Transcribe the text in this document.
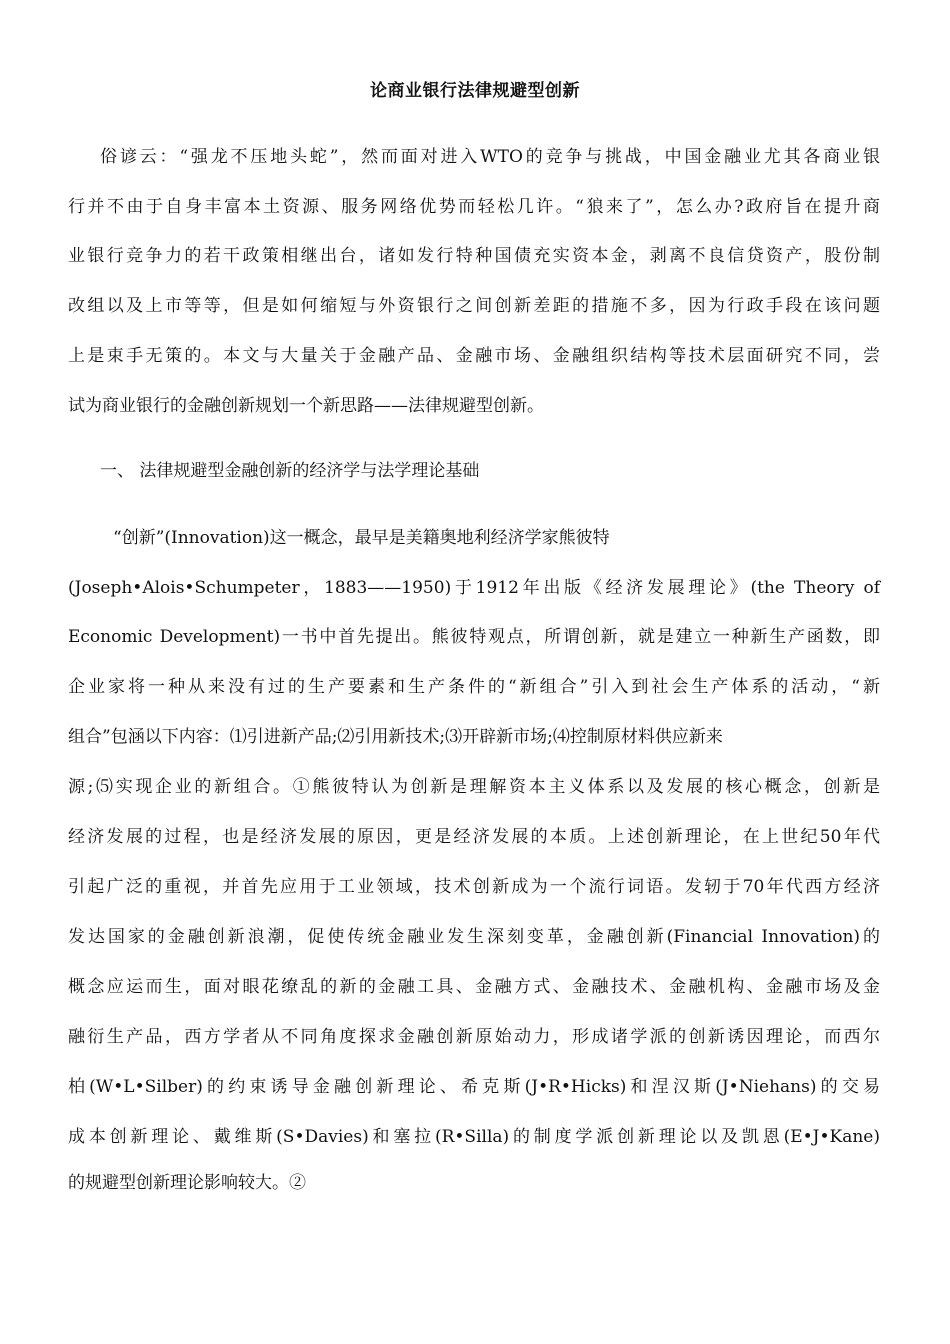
论商业银行法律规避型创新
俗谚云：“强龙不压地头蛇”，然而面对进入WTO的竞争与挑战，中国金融业尤其各商业银
行并不由于自身丰富本土资源、服务网络优势而轻松几许。“狼来了”，怎么办?政府旨在提升商
业银行竞争力的若干政策相继出台，诸如发行特种国债充实资本金，剥离不良信贷资产，股份制
改组以及上市等等，但是如何缩短与外资银行之间创新差距的措施不多，因为行政手段在该问题
上是束手无策的。本文与大量关于金融产品、金融市场、金融组织结构等技术层面研究不同，尝
试为商业银行的金融创新规划一个新思路——法律规避型创新。
一、 法律规避型金融创新的经济学与法学理论基础
“创新”(Innovation)这一概念，最早是美籍奥地利经济学家熊彼特
(Joseph•Alois•Schumpeter，1883——1950)于1912年出版《经济发展理论》(the Theory of
Economic Development)一书中首先提出。熊彼特观点，所谓创新，就是建立一种新生产函数，即
企业家将一种从来没有过的生产要素和生产条件的“新组合”引入到社会生产体系的活动，“新
组合”包涵以下内容：⑴引进新产品;⑵引用新技术;⑶开辟新市场;⑷控制原材料供应新来
源;⑸实现企业的新组合。①熊彼特认为创新是理解资本主义体系以及发展的核心概念，创新是
经济发展的过程，也是经济发展的原因，更是经济发展的本质。上述创新理论，在上世纪50年代
引起广泛的重视，并首先应用于工业领域，技术创新成为一个流行词语。发轫于70年代西方经济
发达国家的金融创新浪潮，促使传统金融业发生深刻变革，金融创新(Financial Innovation)的
概念应运而生，面对眼花缭乱的新的金融工具、金融方式、金融技术、金融机构、金融市场及金
融衍生产品，西方学者从不同角度探求金融创新原始动力，形成诸学派的创新诱因理论，而西尔
柏(W•L•Silber)的约束诱导金融创新理论、希克斯(J•R•Hicks)和涅汉斯(J•Niehans)的交易
成本创新理论、戴维斯(S•Davies)和塞拉(R•Silla)的制度学派创新理论以及凯恩(E•J•Kane)
的规避型创新理论影响较大。②
